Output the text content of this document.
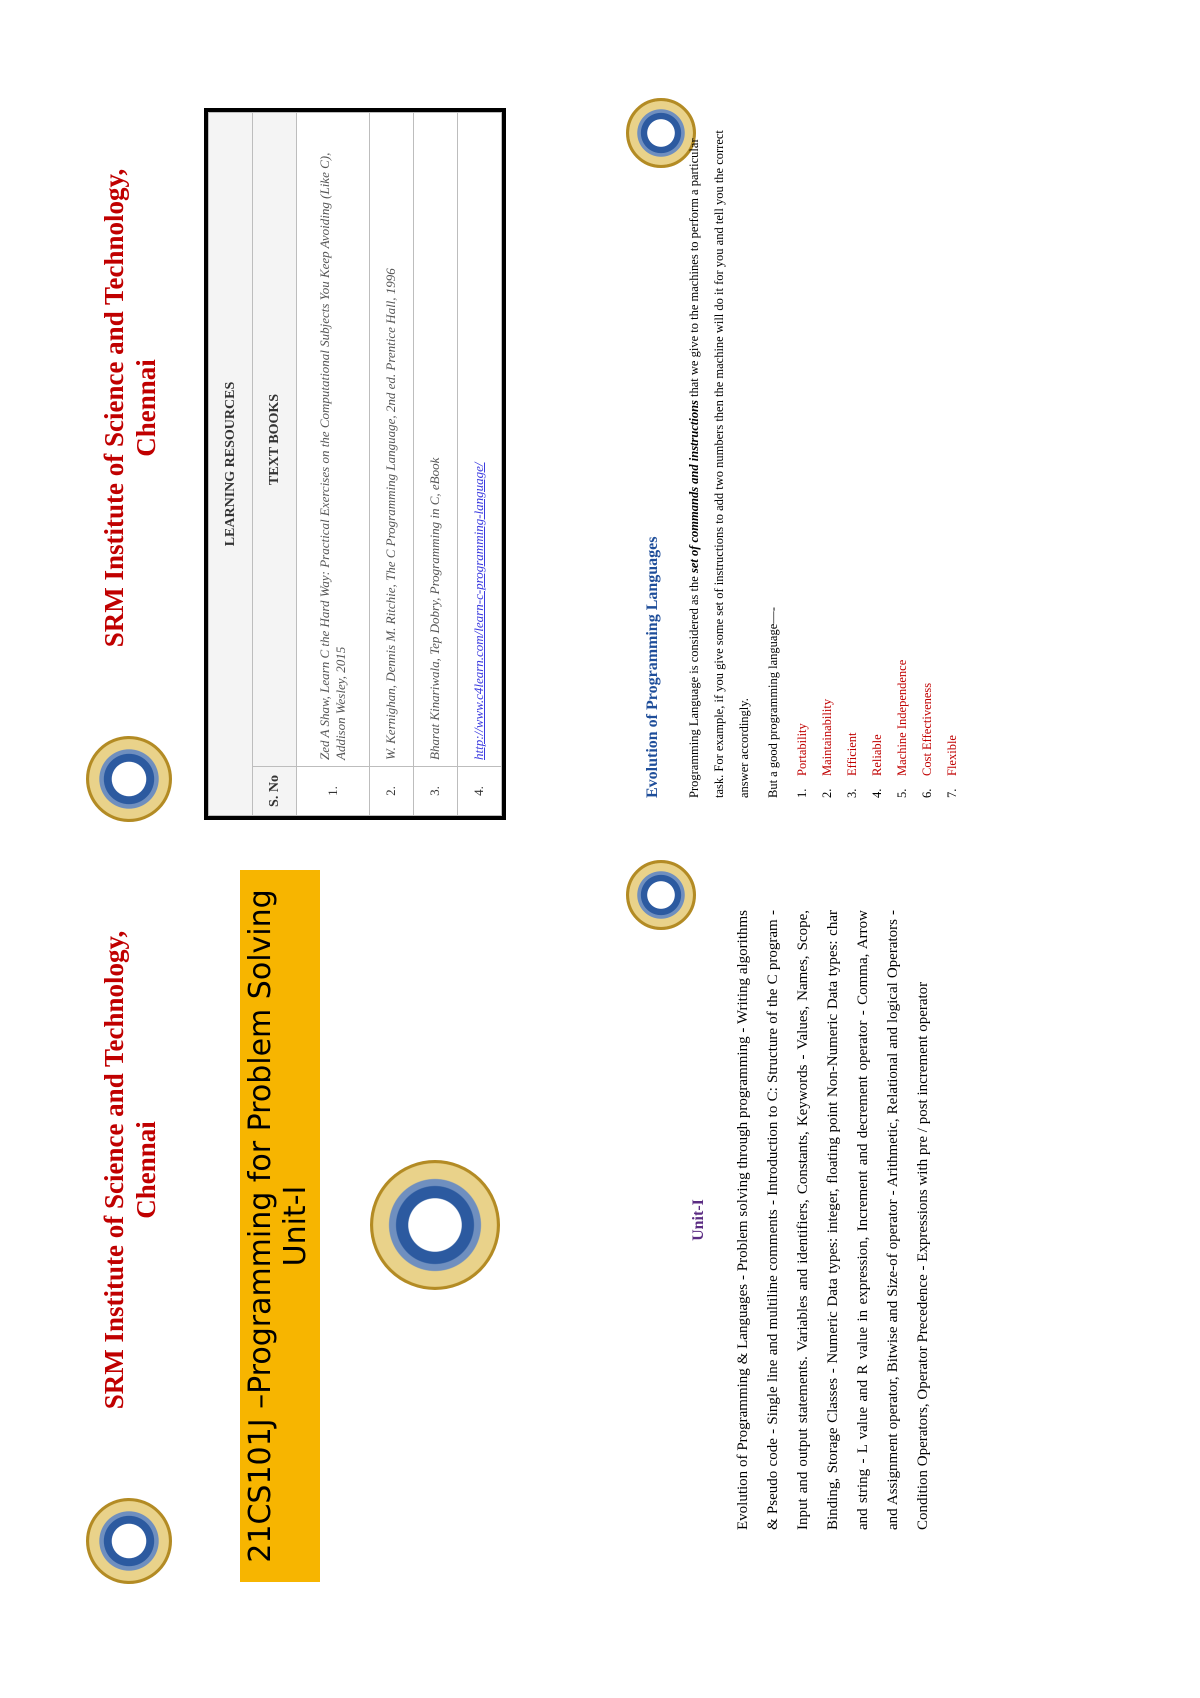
SRM Institute of Science and Technology, Chennai	21CS101J –Programming for Problem Solving Unit-I
SRM Institute of Science and Technology, Chennai	LEARNING RESOURCES	
S. No	TEXT BOOKS
1.	Zed A Shaw, Learn C the Hard Way: Practical Exercises on the Computational Subjects You Keep Avoiding (Like C), Addison Wesley, 2015
2.	W. Kernighan, Dennis M. Ritchie, The C Programming Language, 2nd ed. Prentice Hall, 1996
3.	Bharat Kinariwala, Tep Dobry, Programming in C, eBook
4.	http://www.c4learn.com/learn-c-programming-language/
Unit-I	Evolution of Programming & Languages - Problem solving through programming - Writing algorithms & Pseudo code - Single line and multiline comments - Introduction to C: Structure of the C program - Input and output statements. Variables and identifiers, Constants, Keywords - Values, Names, Scope, Binding, Storage Classes - Numeric Data types: integer, floating point Non-Numeric Data types: char and string - L value and R value in expression, Increment and decrement operator - Comma, Arrow and Assignment operator, Bitwise and Size-of operator - Arithmetic, Relational and logical Operators - Condition Operators, Operator Precedence - Expressions with pre / post increment operator
Evolution of Programming Languages	Programming Language is considered as the set of commands and instructions that we give to the machines to perform a particular task. For example, if you give some set of instructions to add two numbers then the machine will do it for you and tell you the correct answer accordingly.	But a good programming language—-	1.Portability
2.Maintainability
3.Efficient
4.Reliable
5.Machine Independence
6.Cost Effectiveness
7.Flexible
